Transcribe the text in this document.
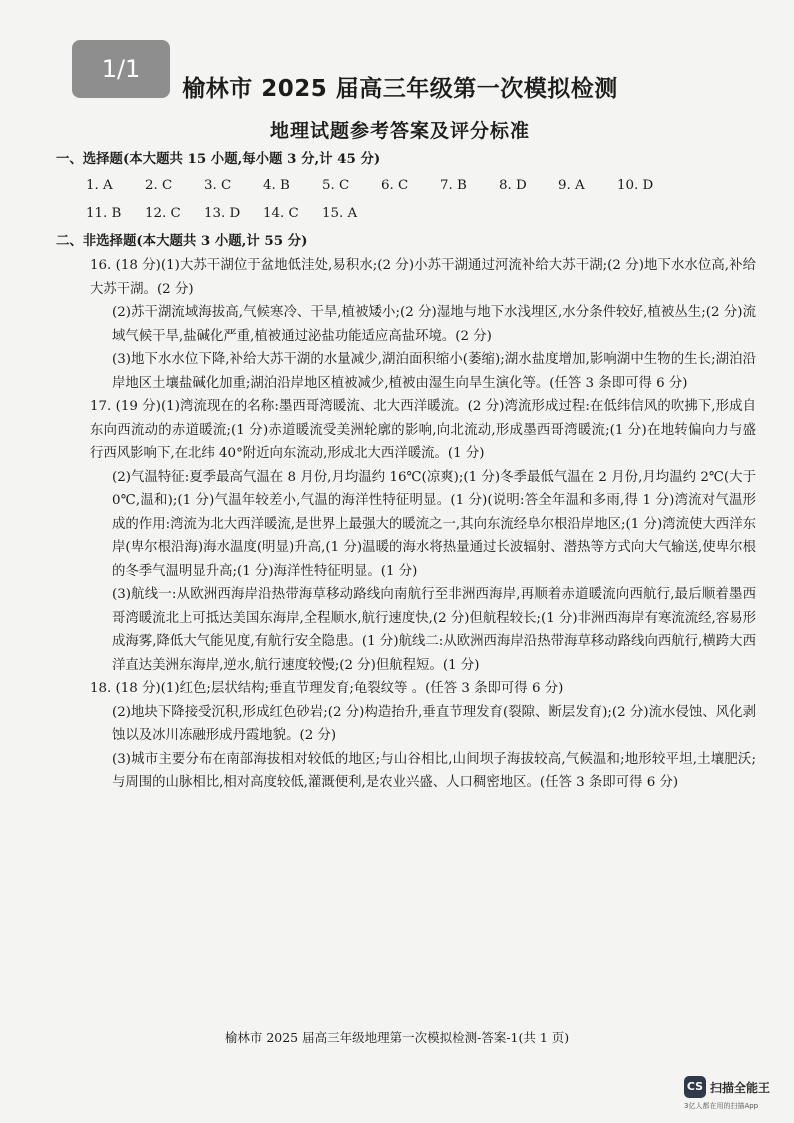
1/1
榆林市 2025 届高三年级第一次模拟检测
地理试题参考答案及评分标准
一、选择题(本大题共 15 小题,每小题 3 分,计 45 分)
1. A	2. C	3. C	4. B	5. C	6. C	7. B	8. D	9. A	10. D
11. B	12. C	13. D	14. C	15. A
二、非选择题(本大题共 3 小题,计 55 分)
16. (18 分)(1)大苏干湖位于盆地低洼处,易积水;(2 分)小苏干湖通过河流补给大苏干湖;(2 分)地下水水位高,补给大苏干湖。(2 分)
(2)苏干湖流域海拔高,气候寒冷、干旱,植被矮小;(2 分)湿地与地下水浅埋区,水分条件较好,植被丛生;(2 分)流域气候干旱,盐碱化严重,植被通过泌盐功能适应高盐环境。(2 分)
(3)地下水水位下降,补给大苏干湖的水量减少,湖泊面积缩小(萎缩);湖水盐度增加,影响湖中生物的生长;湖泊沿岸地区土壤盐碱化加重;湖泊沿岸地区植被减少,植被由湿生向旱生演化等。(任答 3 条即可得 6 分)
17. (19 分)(1)湾流现在的名称:墨西哥湾暖流、北大西洋暖流。(2 分)湾流形成过程:在低纬信风的吹拂下,形成自东向西流动的赤道暖流;(1 分)赤道暖流受美洲轮廓的影响,向北流动,形成墨西哥湾暖流;(1 分)在地转偏向力与盛行西风影响下,在北纬 40°附近向东流动,形成北大西洋暖流。(1 分)
(2)气温特征:夏季最高气温在 8 月份,月均温约 16℃(凉爽);(1 分)冬季最低气温在 2 月份,月均温约 2℃(大于 0℃,温和);(1 分)气温年较差小,气温的海洋性特征明显。(1 分)(说明:答全年温和多雨,得 1 分)湾流对气温形成的作用:湾流为北大西洋暖流,是世界上最强大的暖流之一,其向东流经阜尔根沿岸地区;(1 分)湾流使大西洋东岸(卑尔根沿海)海水温度(明显)升高,(1 分)温暖的海水将热量通过长波辐射、潜热等方式向大气输送,使卑尔根的冬季气温明显升高;(1 分)海洋性特征明显。(1 分)
(3)航线一:从欧洲西海岸沿热带海草移动路线向南航行至非洲西海岸,再顺着赤道暖流向西航行,最后顺着墨西哥湾暖流北上可抵达美国东海岸,全程顺水,航行速度快,(2 分)但航程较长;(1 分)非洲西海岸有寒流流经,容易形成海雾,降低大气能见度,有航行安全隐患。(1 分)航线二:从欧洲西海岸沿热带海草移动路线向西航行,横跨大西洋直达美洲东海岸,逆水,航行速度较慢;(2 分)但航程短。(1 分)
18. (18 分)(1)红色;层状结构;垂直节理发育;龟裂纹等 。(任答 3 条即可得 6 分)
(2)地块下降接受沉积,形成红色砂岩;(2 分)构造抬升,垂直节理发育(裂隙、断层发育);(2 分)流水侵蚀、风化剥蚀以及冰川冻融形成丹霞地貌。(2 分)
(3)城市主要分布在南部海拔相对较低的地区;与山谷相比,山间坝子海拔较高,气候温和;地形较平坦,土壤肥沃;与周围的山脉相比,相对高度较低,灌溉便利,是农业兴盛、人口稠密地区。(任答 3 条即可得 6 分)
榆林市 2025 届高三年级地理第一次模拟检测-答案-1(共 1 页)
CS 扫描全能王
3亿人都在用的扫描App
